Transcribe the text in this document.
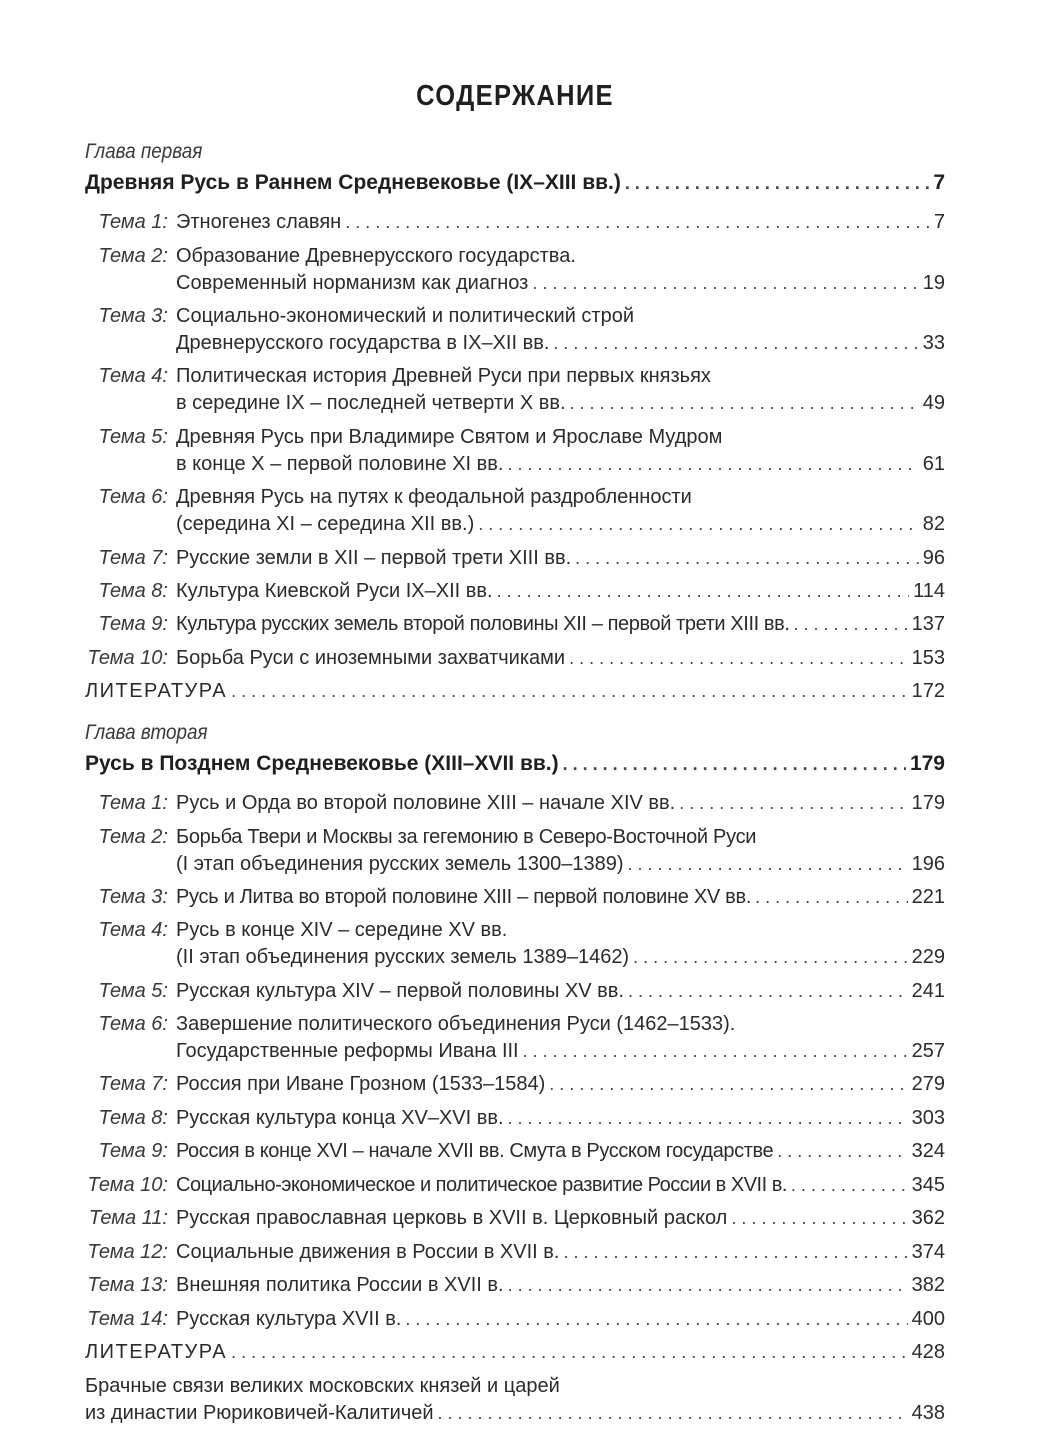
СОДЕРЖАНИЕ
Глава первая
Древняя Русь в Раннем Средневековье (IX–XIII вв.) . . .	7
Тема 1: Этногенез славян . . .	7
Тема 2: Образование Древнерусского государства.
Современный норманизм как диагноз . . .	19
Тема 3: Социально-экономический и политический строй
Древнерусского государства в IX–XII вв. . . .	33
Тема 4: Политическая история Древней Руси при первых князьях
в середине IX – последней четверти X вв. . . .	49
Тема 5: Древняя Русь при Владимире Святом и Ярославе Мудром
в конце X – первой половине XI вв. . . .	61
Тема 6: Древняя Русь на путях к феодальной раздробленности
(середина XI – середина XII вв.) . . .	82
Тема 7: Русские земли в XII – первой трети XIII вв. . . .	96
Тема 8: Культура Киевской Руси IX–XII вв. . . .	114
Тема 9: Культура русских земель второй половины XII – первой трети XIII вв. . . .	137
Тема 10: Борьба Руси с иноземными захватчиками . . .	153
ЛИТЕРАТУРА . . .	172
Глава вторая
Русь в Позднем Средневековье (XIII–XVII вв.) . . .	179
Тема 1: Русь и Орда во второй половине XIII – начале XIV вв. . . .	179
Тема 2: Борьба Твери и Москвы за гегемонию в Северо-Восточной Руси
(I этап объединения русских земель 1300–1389) . . .	196
Тема 3: Русь и Литва во второй половине XIII – первой половине XV вв. . . .	221
Тема 4: Русь в конце XIV – середине XV вв.
(II этап объединения русских земель 1389–1462) . . .	229
Тема 5: Русская культура XIV – первой половины XV вв. . . .	241
Тема 6: Завершение политического объединения Руси (1462–1533).
Государственные реформы Ивана III . . .	257
Тема 7: Россия при Иване Грозном (1533–1584) . . .	279
Тема 8: Русская культура конца XV–XVI вв. . . .	303
Тема 9: Россия в конце XVI – начале XVII вв. Смута в Русском государстве . . .	324
Тема 10: Социально-экономическое и политическое развитие России в XVII в. . . .	345
Тема 11: Русская православная церковь в XVII в. Церковный раскол . . .	362
Тема 12: Социальные движения в России в XVII в. . . .	374
Тема 13: Внешняя политика России в XVII в. . . .	382
Тема 14: Русская культура XVII в. . . .	400
ЛИТЕРАТУРА . . .	428
Брачные связи великих московских князей и царей
из династии Рюриковичей-Калитичей . . .	438
